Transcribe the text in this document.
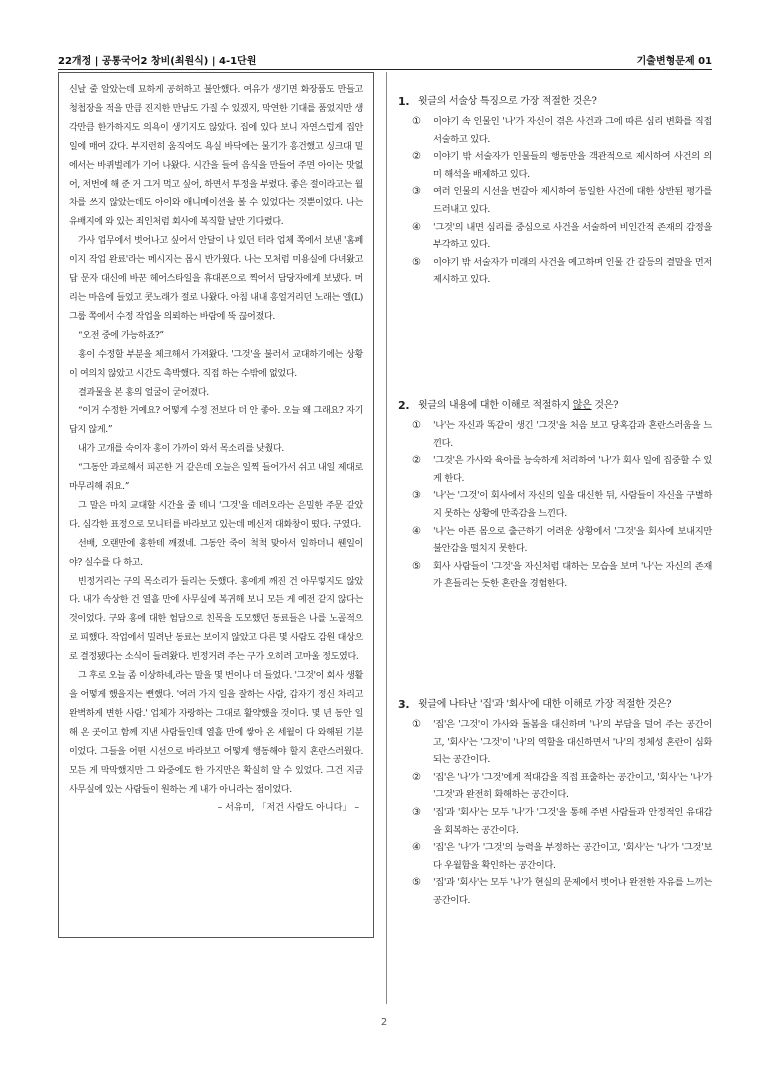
22개정 | 공통국어2 창비(최원식) | 4-1단원	기출변형문제 01

신날 줄 알았는데 묘하게 공허하고 불안했다. 여유가 생기면 화장품도 만들고 청첩장을 적을 만큼 진지한 만남도 가질 수 있겠지, 막연한 기대를 품었지만 생각만큼 한가하지도 의욕이 생기지도 않았다. 집에 있다 보니 자연스럽게 집안일에 매여 갔다. 부지런히 움직여도 욕실 바닥에는 물기가 흥건했고 싱크대 밑에서는 바퀴벌레가 기어 나왔다. 시간을 들여 음식을 만들어 주면 아이는 맛없어, 저번에 해 준 거 그거 먹고 싶어, 하면서 투정을 부렸다. 좋은 절이라고는 월차를 쓰지 않았는데도 아이와 애니메이션을 볼 수 있었다는 것뿐이었다. 나는 유배지에 와 있는 죄인처럼 회사에 복직할 날만 기다렸다.

가사 업무에서 벗어나고 싶어서 안달이 나 있던 터라 업체 쪽에서 보낸 '홈페이지 작업 완료'라는 메시지는 몹시 반가웠다. 나는 모처럼 미용실에 다녀왔고 답 문자 대신에 바꾼 헤어스타일을 휴대폰으로 찍어서 담당자에게 보냈다. 머리는 마음에 들었고 콧노래가 절로 나왔다. 아침 내내 흥얼거리던 노래는 엘(L) 그룹 쪽에서 수정 작업을 의뢰하는 바람에 뚝 끊어졌다.

“오전 중에 가능하죠?”

홍이 수정할 부분을 체크해서 가져왔다. '그것'을 불러서 교대하기에는 상황이 여의치 않았고 시간도 촉박했다. 직접 하는 수밖에 없었다.

결과물을 본 홍의 얼굴이 굳어졌다.

“이거 수정한 거예요? 어떻게 수정 전보다 더 안 좋아. 오늘 왜 그래요? 자기답지 않게.”

내가 고개를 숙이자 홍이 가까이 와서 목소리를 낮췄다.

“그동안 과로해서 피곤한 거 같은데 오늘은 일찍 들어가서 쉬고 내일 제대로 마무리해 줘요.”

그 말은 마치 교대할 시간을 줄 테니 '그것'을 데려오라는 은밀한 주문 같았다. 심각한 표정으로 모니터를 바라보고 있는데 메신저 대화창이 떴다. 구였다.

선배, 오랜만에 홍한테 깨졌네. 그동안 죽이 척척 맞아서 일하더니 웬일이야? 실수를 다 하고.

빈정거리는 구의 목소리가 들리는 듯했다. 홍에게 깨진 건 아무렇지도 않았다. 내가 속상한 건 열흘 만에 사무실에 복귀해 보니 모든 게 예전 같지 않다는 것이었다. 구와 홍에 대한 험담으로 친목을 도모했던 동료들은 나를 노골적으로 피했다. 작업에서 밀려난 동료는 보이지 않았고 다른 몇 사람도 감원 대상으로 결정됐다는 소식이 들려왔다. 빈정거려 주는 구가 오히려 고마울 정도였다.

그 후로 오늘 좀 이상하네,라는 말을 몇 번이나 더 들었다. '그것'이 회사 생활을 어떻게 했을지는 뻔했다. '여러 가지 일을 잘하는 사람, 갑자기 정신 차리고 완벽하게 변한 사람.' 업체가 자랑하는 그대로 활약했을 것이다. 몇 년 동안 일해 온 곳이고 함께 지낸 사람들인데 열흘 만에 쌓아 온 세월이 다 와해된 기분이었다. 그들을 어떤 시선으로 바라보고 어떻게 행동해야 할지 혼란스러웠다. 모든 게 막막했지만 그 와중에도 한 가지만은 확실히 알 수 있었다. 그건 지금 사무실에 있는 사람들이 원하는 게 내가 아니라는 점이었다.

– 서유미, 「저건 사람도 아니다」 –

1. 윗글의 서술상 특징으로 가장 적절한 것은?
① 이야기 속 인물인 '나'가 자신이 겪은 사건과 그에 따른 심리 변화를 직접 서술하고 있다.
② 이야기 밖 서술자가 인물들의 행동만을 객관적으로 제시하여 사건의 의미 해석을 배제하고 있다.
③ 여러 인물의 시선을 번갈아 제시하여 동일한 사건에 대한 상반된 평가를 드러내고 있다.
④ '그것'의 내면 심리를 중심으로 사건을 서술하여 비인간적 존재의 감정을 부각하고 있다.
⑤ 이야기 밖 서술자가 미래의 사건을 예고하며 인물 간 갈등의 결말을 먼저 제시하고 있다.
2. 윗글의 내용에 대한 이해로 적절하지 않은 것은?
① '나'는 자신과 똑같이 생긴 '그것'을 처음 보고 당혹감과 혼란스러움을 느낀다.
② '그것'은 가사와 육아를 능숙하게 처리하여 '나'가 회사 일에 집중할 수 있게 한다.
③ '나'는 '그것'이 회사에서 자신의 일을 대신한 뒤, 사람들이 자신을 구별하지 못하는 상황에 만족감을 느낀다.
④ '나'는 아픈 몸으로 출근하기 어려운 상황에서 '그것'을 회사에 보내지만 불안감을 떨치지 못한다.
⑤ 회사 사람들이 '그것'을 자신처럼 대하는 모습을 보며 '나'는 자신의 존재가 흔들리는 듯한 혼란을 경험한다.
3. 윗글에 나타난 '집'과 '회사'에 대한 이해로 가장 적절한 것은?
① '집'은 '그것'이 가사와 돌봄을 대신하며 '나'의 부담을 덜어 주는 공간이고, '회사'는 '그것'이 '나'의 역할을 대신하면서 '나'의 정체성 혼란이 심화되는 공간이다.
② '집'은 '나'가 '그것'에게 적대감을 직접 표출하는 공간이고, '회사'는 '나'가 '그것'과 완전히 화해하는 공간이다.
③ '집'과 '회사'는 모두 '나'가 '그것'을 통해 주변 사람들과 안정적인 유대감을 회복하는 공간이다.
④ '집'은 '나'가 '그것'의 능력을 부정하는 공간이고, '회사'는 '나'가 '그것'보다 우월함을 확인하는 공간이다.
⑤ '집'과 '회사'는 모두 '나'가 현실의 문제에서 벗어나 완전한 자유를 느끼는 공간이다.
2
